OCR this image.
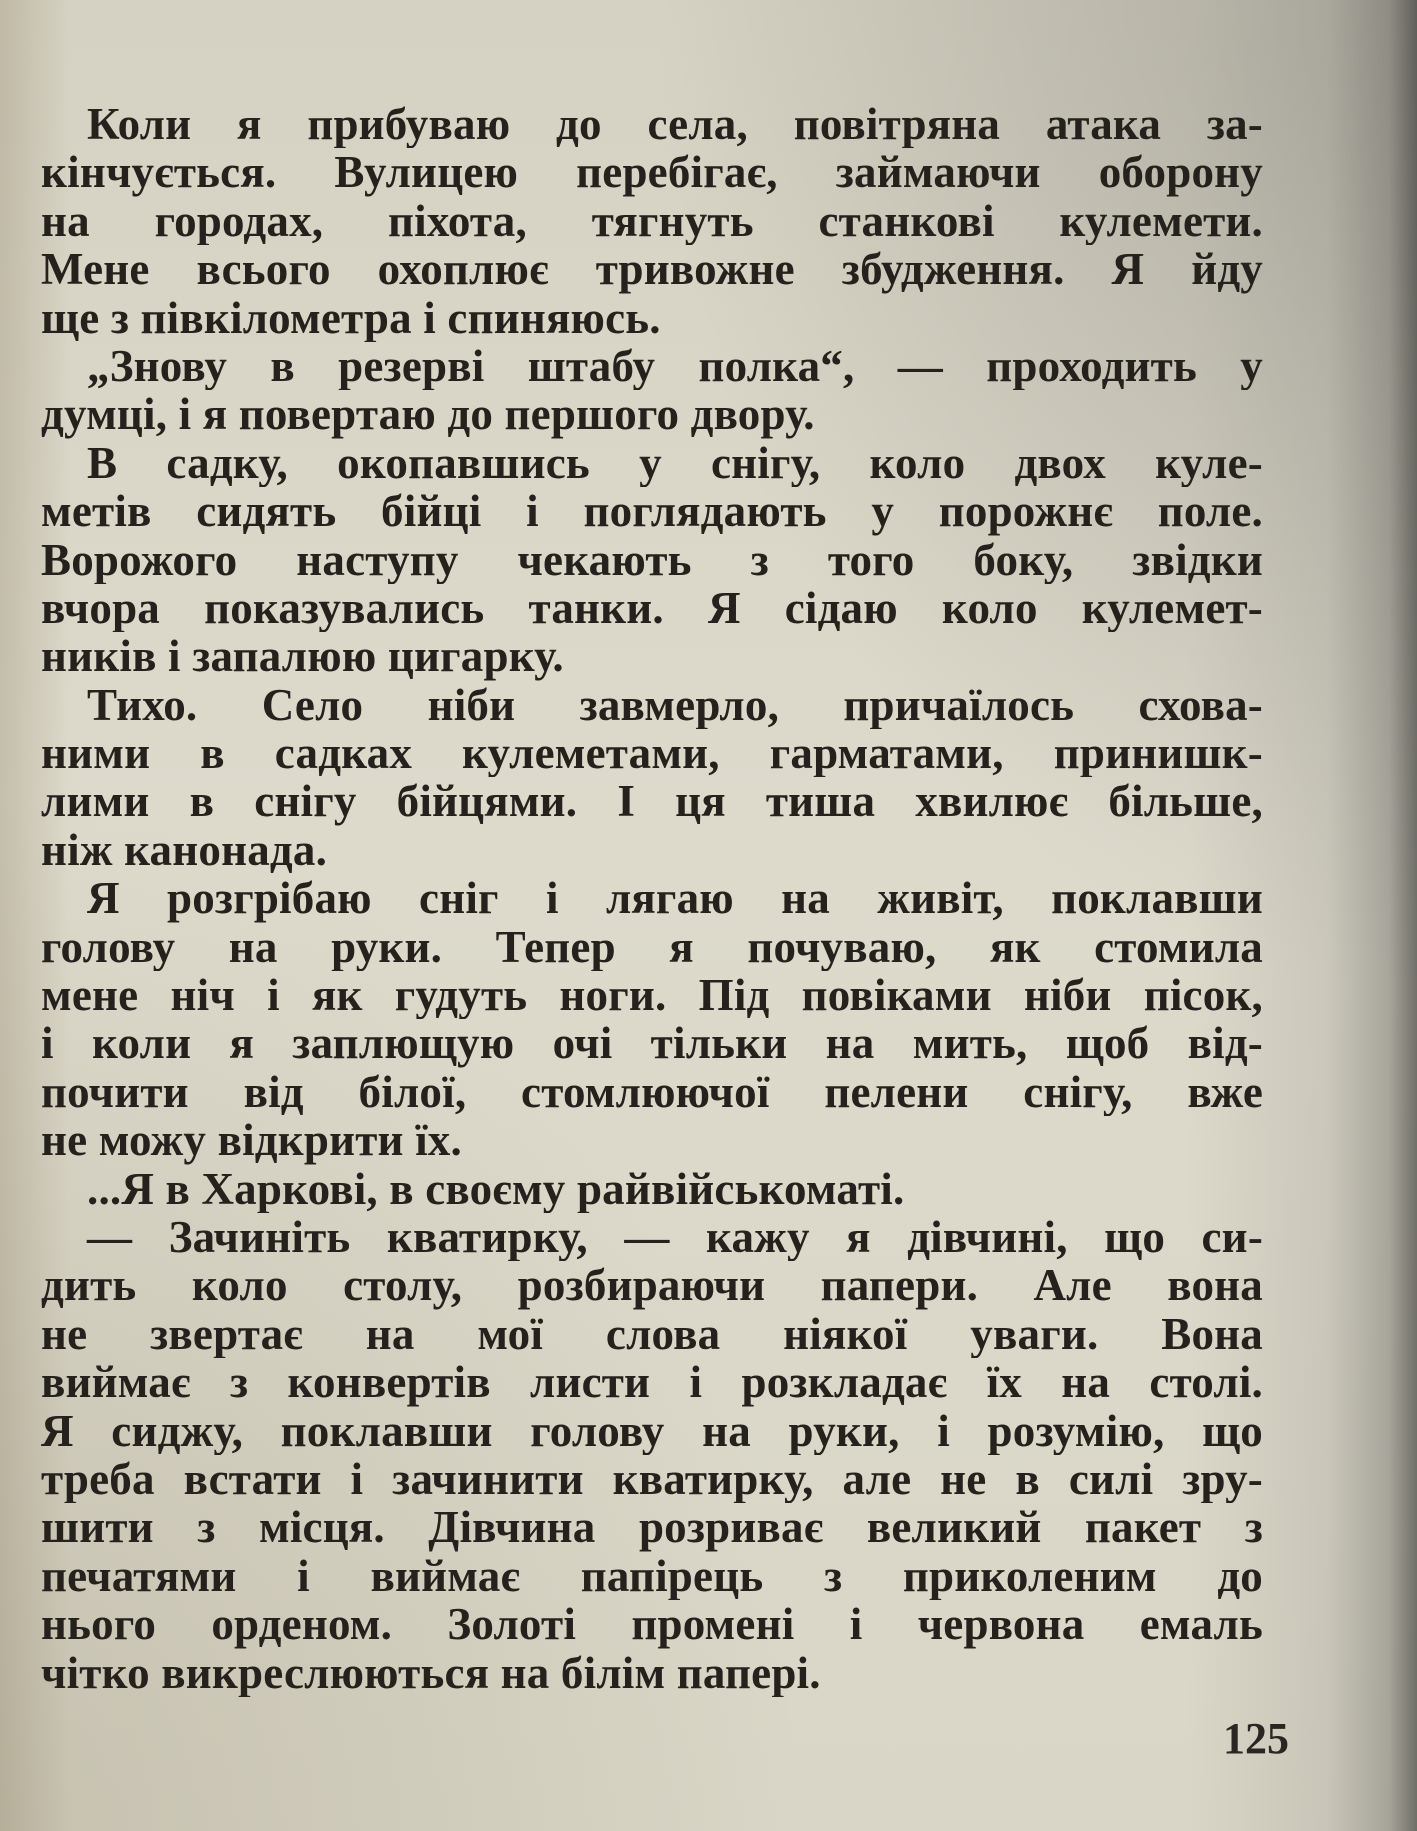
Коли я прибуваю до села, повітряна атака за-
кінчується. Вулицею перебігає, займаючи оборону
на городах, піхота, тягнуть станкові кулемети.
Мене всього охоплює тривожне збудження. Я йду
ще з півкілометра і спиняюсь.
„Знову в резерві штабу полка“, — проходить у
думці, і я повертаю до першого двору.
В садку, окопавшись у снігу, коло двох куле-
метів сидять бійці і поглядають у порожнє поле.
Ворожого наступу чекають з того боку, звідки
вчора показувались танки. Я сідаю коло кулемет-
ників і запалюю цигарку.
Тихо. Село ніби завмерло, причаїлось схова-
ними в садках кулеметами, гарматами, принишк-
лими в снігу бійцями. І ця тиша хвилює більше,
ніж канонада.
Я розгрібаю сніг і лягаю на живіт, поклавши
голову на руки. Тепер я почуваю, як стомила
мене ніч і як гудуть ноги. Під повіками ніби пісок,
і коли я заплющую очі тільки на мить, щоб від-
почити від білої, стомлюючої пелени снігу, вже
не можу відкрити їх.
...Я в Харкові, в своєму райвійськоматі.
— Зачиніть кватирку, — кажу я дівчині, що си-
дить коло столу, розбираючи папери. Але вона
не звертає на мої слова ніякої уваги. Вона
виймає з конвертів листи і розкладає їх на столі.
Я сиджу, поклавши голову на руки, і розумію, що
треба встати і зачинити кватирку, але не в силі зру-
шити з місця. Дівчина розриває великий пакет з
печатями і виймає папірець з приколеним до
нього орденом. Золоті промені і червона емаль
чітко викреслюються на білім папері.
125
